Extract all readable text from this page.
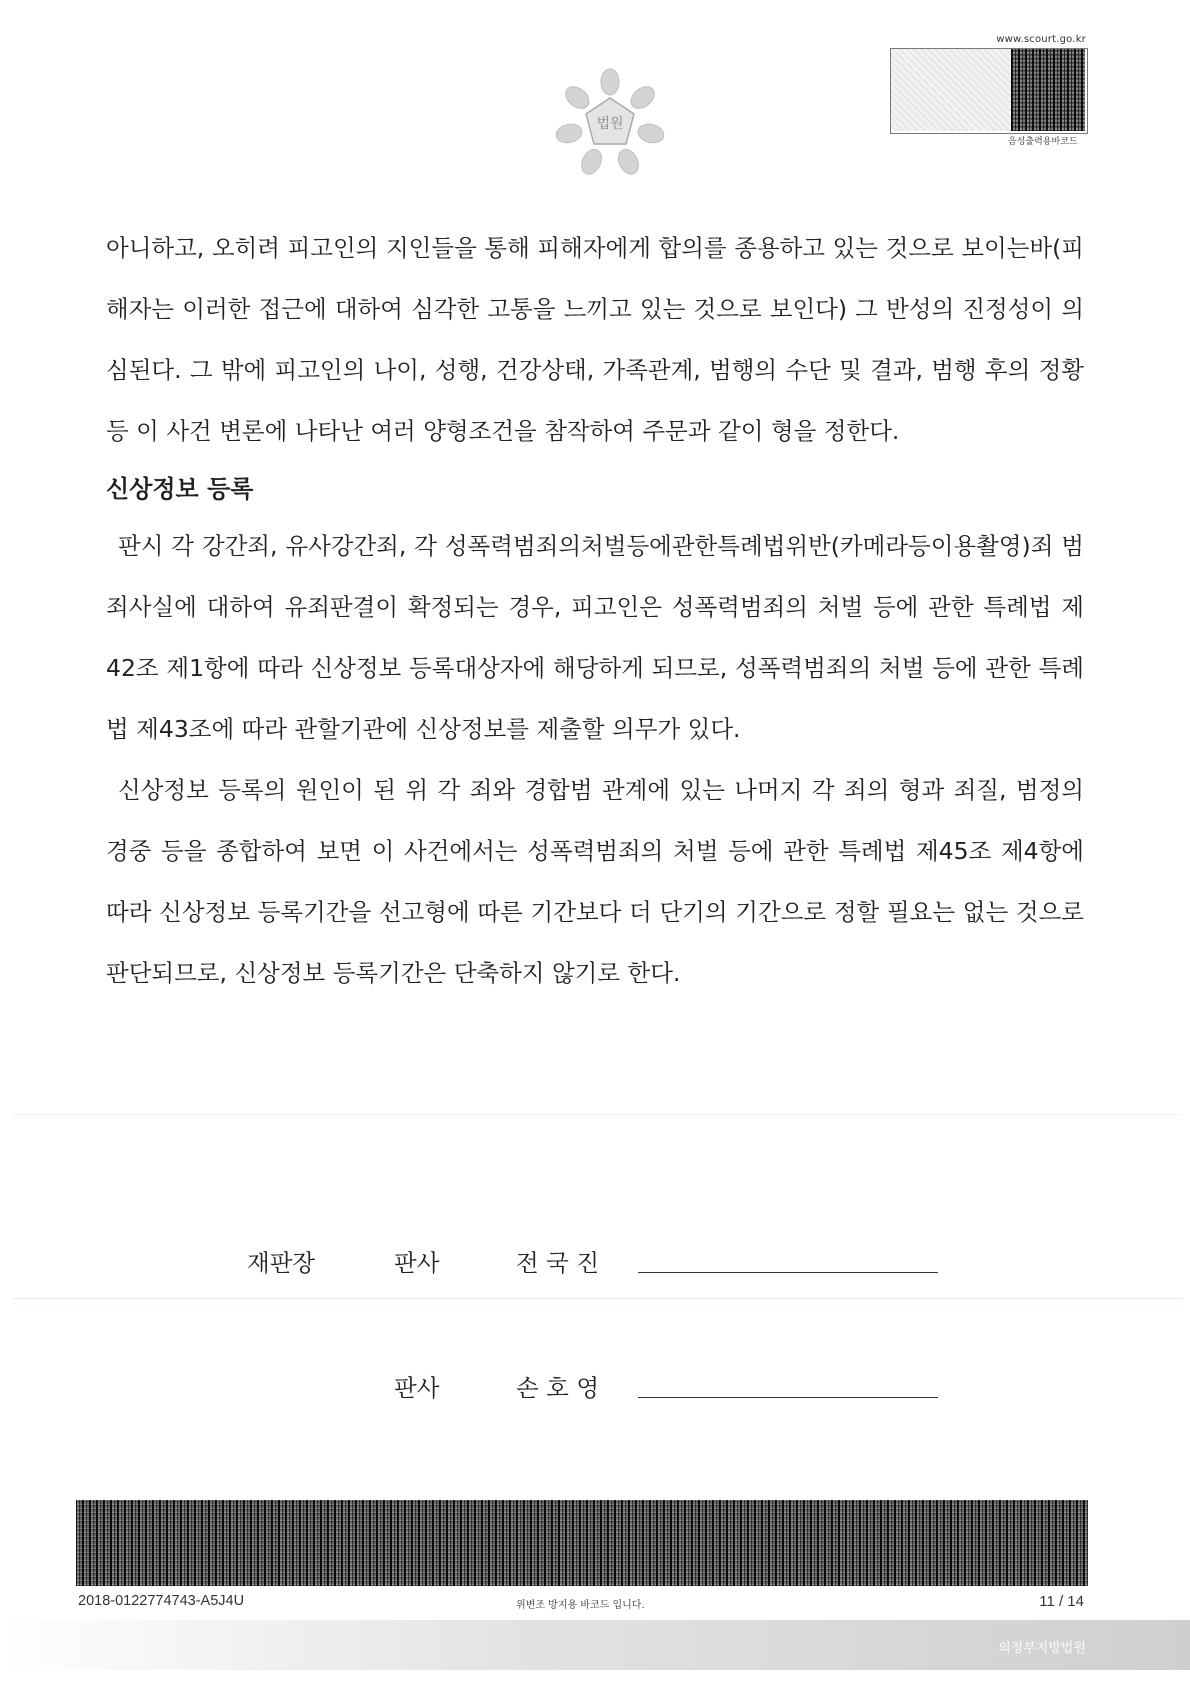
법원
www.scourt.go.kr
음성출력용바코드

아니하고, 오히려 피고인의 지인들을 통해 피해자에게 합의를 종용하고 있는 것으로 보이는바(피해자는 이러한 접근에 대하여 심각한 고통을 느끼고 있는 것으로 보인다) 그 반성의 진정성이 의심된다. 그 밖에 피고인의 나이, 성행, 건강상태, 가족관계, 범행의 수단 및 결과, 범행 후의 정황 등 이 사건 변론에 나타난 여러 양형조건을 참작하여 주문과 같이 형을 정한다.

신상정보 등록

판시 각 강간죄, 유사강간죄, 각 성폭력범죄의처벌등에관한특례법위반(카메라등이용촬영)죄 범죄사실에 대하여 유죄판결이 확정되는 경우, 피고인은 성폭력범죄의 처벌 등에 관한 특례법 제42조 제1항에 따라 신상정보 등록대상자에 해당하게 되므로, 성폭력범죄의 처벌 등에 관한 특례법 제43조에 따라 관할기관에 신상정보를 제출할 의무가 있다.

신상정보 등록의 원인이 된 위 각 죄와 경합범 관계에 있는 나머지 각 죄의 형과 죄질, 범정의 경중 등을 종합하여 보면 이 사건에서는 성폭력범죄의 처벌 등에 관한 특례법 제45조 제4항에 따라 신상정보 등록기간을 선고형에 따른 기간보다 더 단기의 기간으로 정할 필요는 없는 것으로 판단되므로, 신상정보 등록기간은 단축하지 않기로 한다.

재판장	판사	전 국 진
판사	손 호 영
2018-0122774743-A5J4U	위변조 방지용 바코드 입니다.	11 / 14
의정부지방법원
